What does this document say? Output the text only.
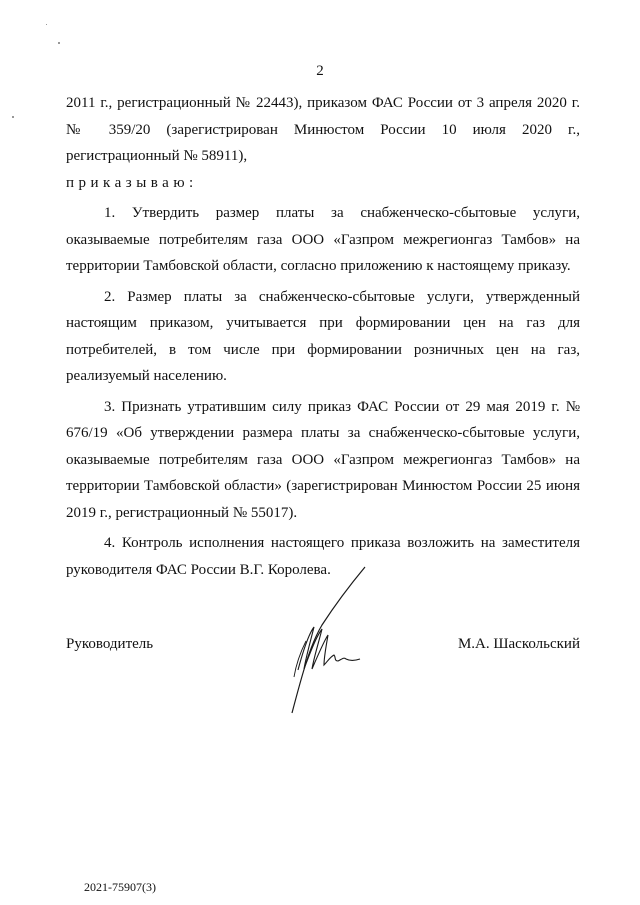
2

2011 г., регистрационный № 22443), приказом ФАС России от 3 апреля 2020 г. № 359/20 (зарегистрирован Минюстом России 10 июля 2020 г., регистрационный № 58911),

приказываю:

1. Утвердить размер платы за снабженческо-сбытовые услуги, оказываемые потребителям газа ООО «Газпром межрегионгаз Тамбов» на территории Тамбовской области, согласно приложению к настоящему приказу.

2. Размер платы за снабженческо-сбытовые услуги, утвержденный настоящим приказом, учитывается при формировании цен на газ для потребителей, в том числе при формировании розничных цен на газ, реализуемый населению.

3. Признать утратившим силу приказ ФАС России от 29 мая 2019 г. № 676/19 «Об утверждении размера платы за снабженческо-сбытовые услуги, оказываемые потребителям газа ООО «Газпром межрегионгаз Тамбов» на территории Тамбовской области» (зарегистрирован Минюстом России 25 июня 2019 г., регистрационный № 55017).

4. Контроль исполнения настоящего приказа возложить на заместителя руководителя ФАС России В.Г. Королева.

Руководитель	М.А. Шаскольский
2021-75907(3)
